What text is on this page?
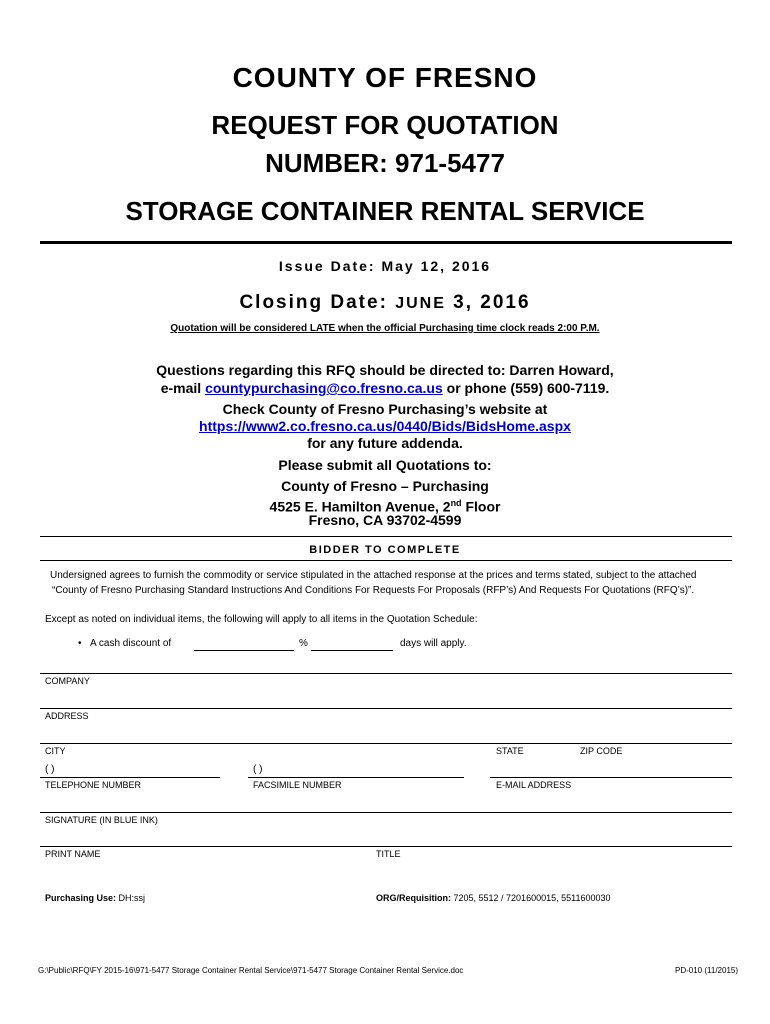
COUNTY OF FRESNO
REQUEST FOR QUOTATION
NUMBER: 971-5477
STORAGE CONTAINER RENTAL SERVICE
Issue Date: May 12, 2016
Closing Date: JUNE 3, 2016
Quotation will be considered LATE when the official Purchasing time clock reads 2:00 P.M.
Questions regarding this RFQ should be directed to: Darren Howard,
e-mail countypurchasing@co.fresno.ca.us or phone (559) 600-7119.
Check County of Fresno Purchasing’s website at
https://www2.co.fresno.ca.us/0440/Bids/BidsHome.aspx
for any future addenda.
Please submit all Quotations to:
County of Fresno – Purchasing
4525 E. Hamilton Avenue, 2nd Floor
Fresno, CA 93702-4599
BIDDER TO COMPLETE
Undersigned agrees to furnish the commodity or service stipulated in the attached response at the prices and terms stated, subject to the attached
“County of Fresno Purchasing Standard Instructions And Conditions For Requests For Proposals (RFP’s) And Requests For Quotations (RFQ’s)”.
Except as noted on individual items, the following will apply to all items in the Quotation Schedule:
• A cash discount of	%	days will apply.
COMPANY
ADDRESS
CITY	STATE	ZIP CODE
( )	( )
TELEPHONE NUMBER	FACSIMILE NUMBER	E-MAIL ADDRESS
SIGNATURE (IN BLUE INK)
PRINT NAME	TITLE
Purchasing Use: DH:ssj	ORG/Requisition: 7205, 5512 / 7201600015, 5511600030
G:\Public\RFQ\FY 2015-16\971-5477 Storage Container Rental Service\971-5477 Storage Container Rental Service.doc	PD-010 (11/2015)
